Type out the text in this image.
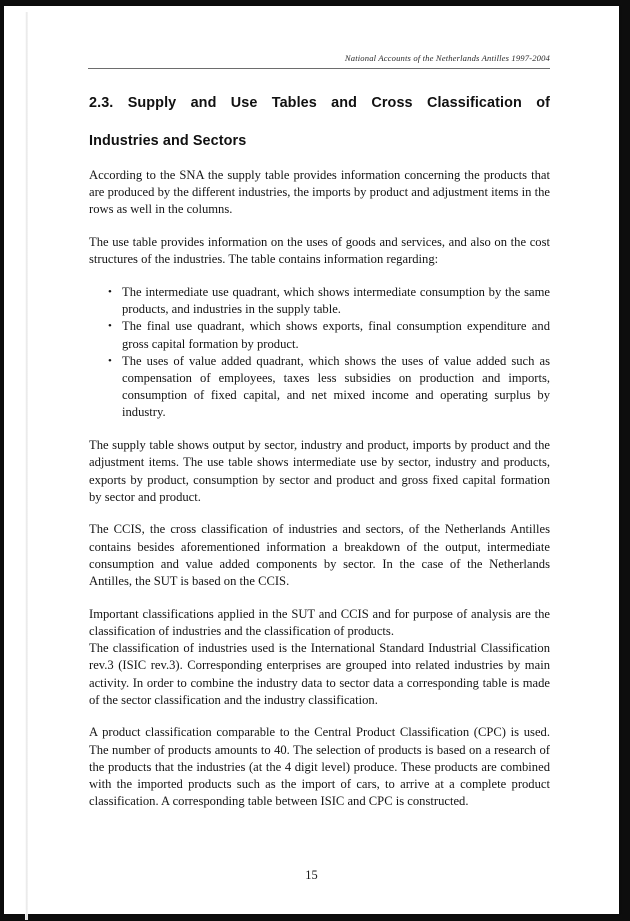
National Accounts of the Netherlands Antilles 1997-2004
2.3. Supply and Use Tables and Cross Classification of
Industries and Sectors

According to the SNA the supply table provides information concerning the products that are produced by the different industries, the imports by product and adjustment items in the rows as well in the columns.

The use table provides information on the uses of goods and services, and also on the cost structures of the industries. The table contains information regarding:

• The intermediate use quadrant, which shows intermediate consumption by the same products, and industries in the supply table.
• The final use quadrant, which shows exports, final consumption expenditure and gross capital formation by product.
• The uses of value added quadrant, which shows the uses of value added such as compensation of employees, taxes less subsidies on production and imports, consumption of fixed capital, and net mixed income and operating surplus by industry.

The supply table shows output by sector, industry and product, imports by product and the adjustment items. The use table shows intermediate use by sector, industry and products, exports by product, consumption by sector and product and gross fixed capital formation by sector and product.

The CCIS, the cross classification of industries and sectors, of the Netherlands Antilles contains besides aforementioned information a breakdown of the output, intermediate consumption and value added components by sector. In the case of the Netherlands Antilles, the SUT is based on the CCIS.

Important classifications applied in the SUT and CCIS and for purpose of analysis are the classification of industries and the classification of products.

The classification of industries used is the International Standard Industrial Classification rev.3 (ISIC rev.3). Corresponding enterprises are grouped into related industries by main activity. In order to combine the industry data to sector data a corresponding table is made of the sector classification and the industry classification.

A product classification comparable to the Central Product Classification (CPC) is used. The number of products amounts to 40. The selection of products is based on a research of the products that the industries (at the 4 digit level) produce. These products are combined with the imported products such as the import of cars, to arrive at a complete product classification. A corresponding table between ISIC and CPC is constructed.

15
